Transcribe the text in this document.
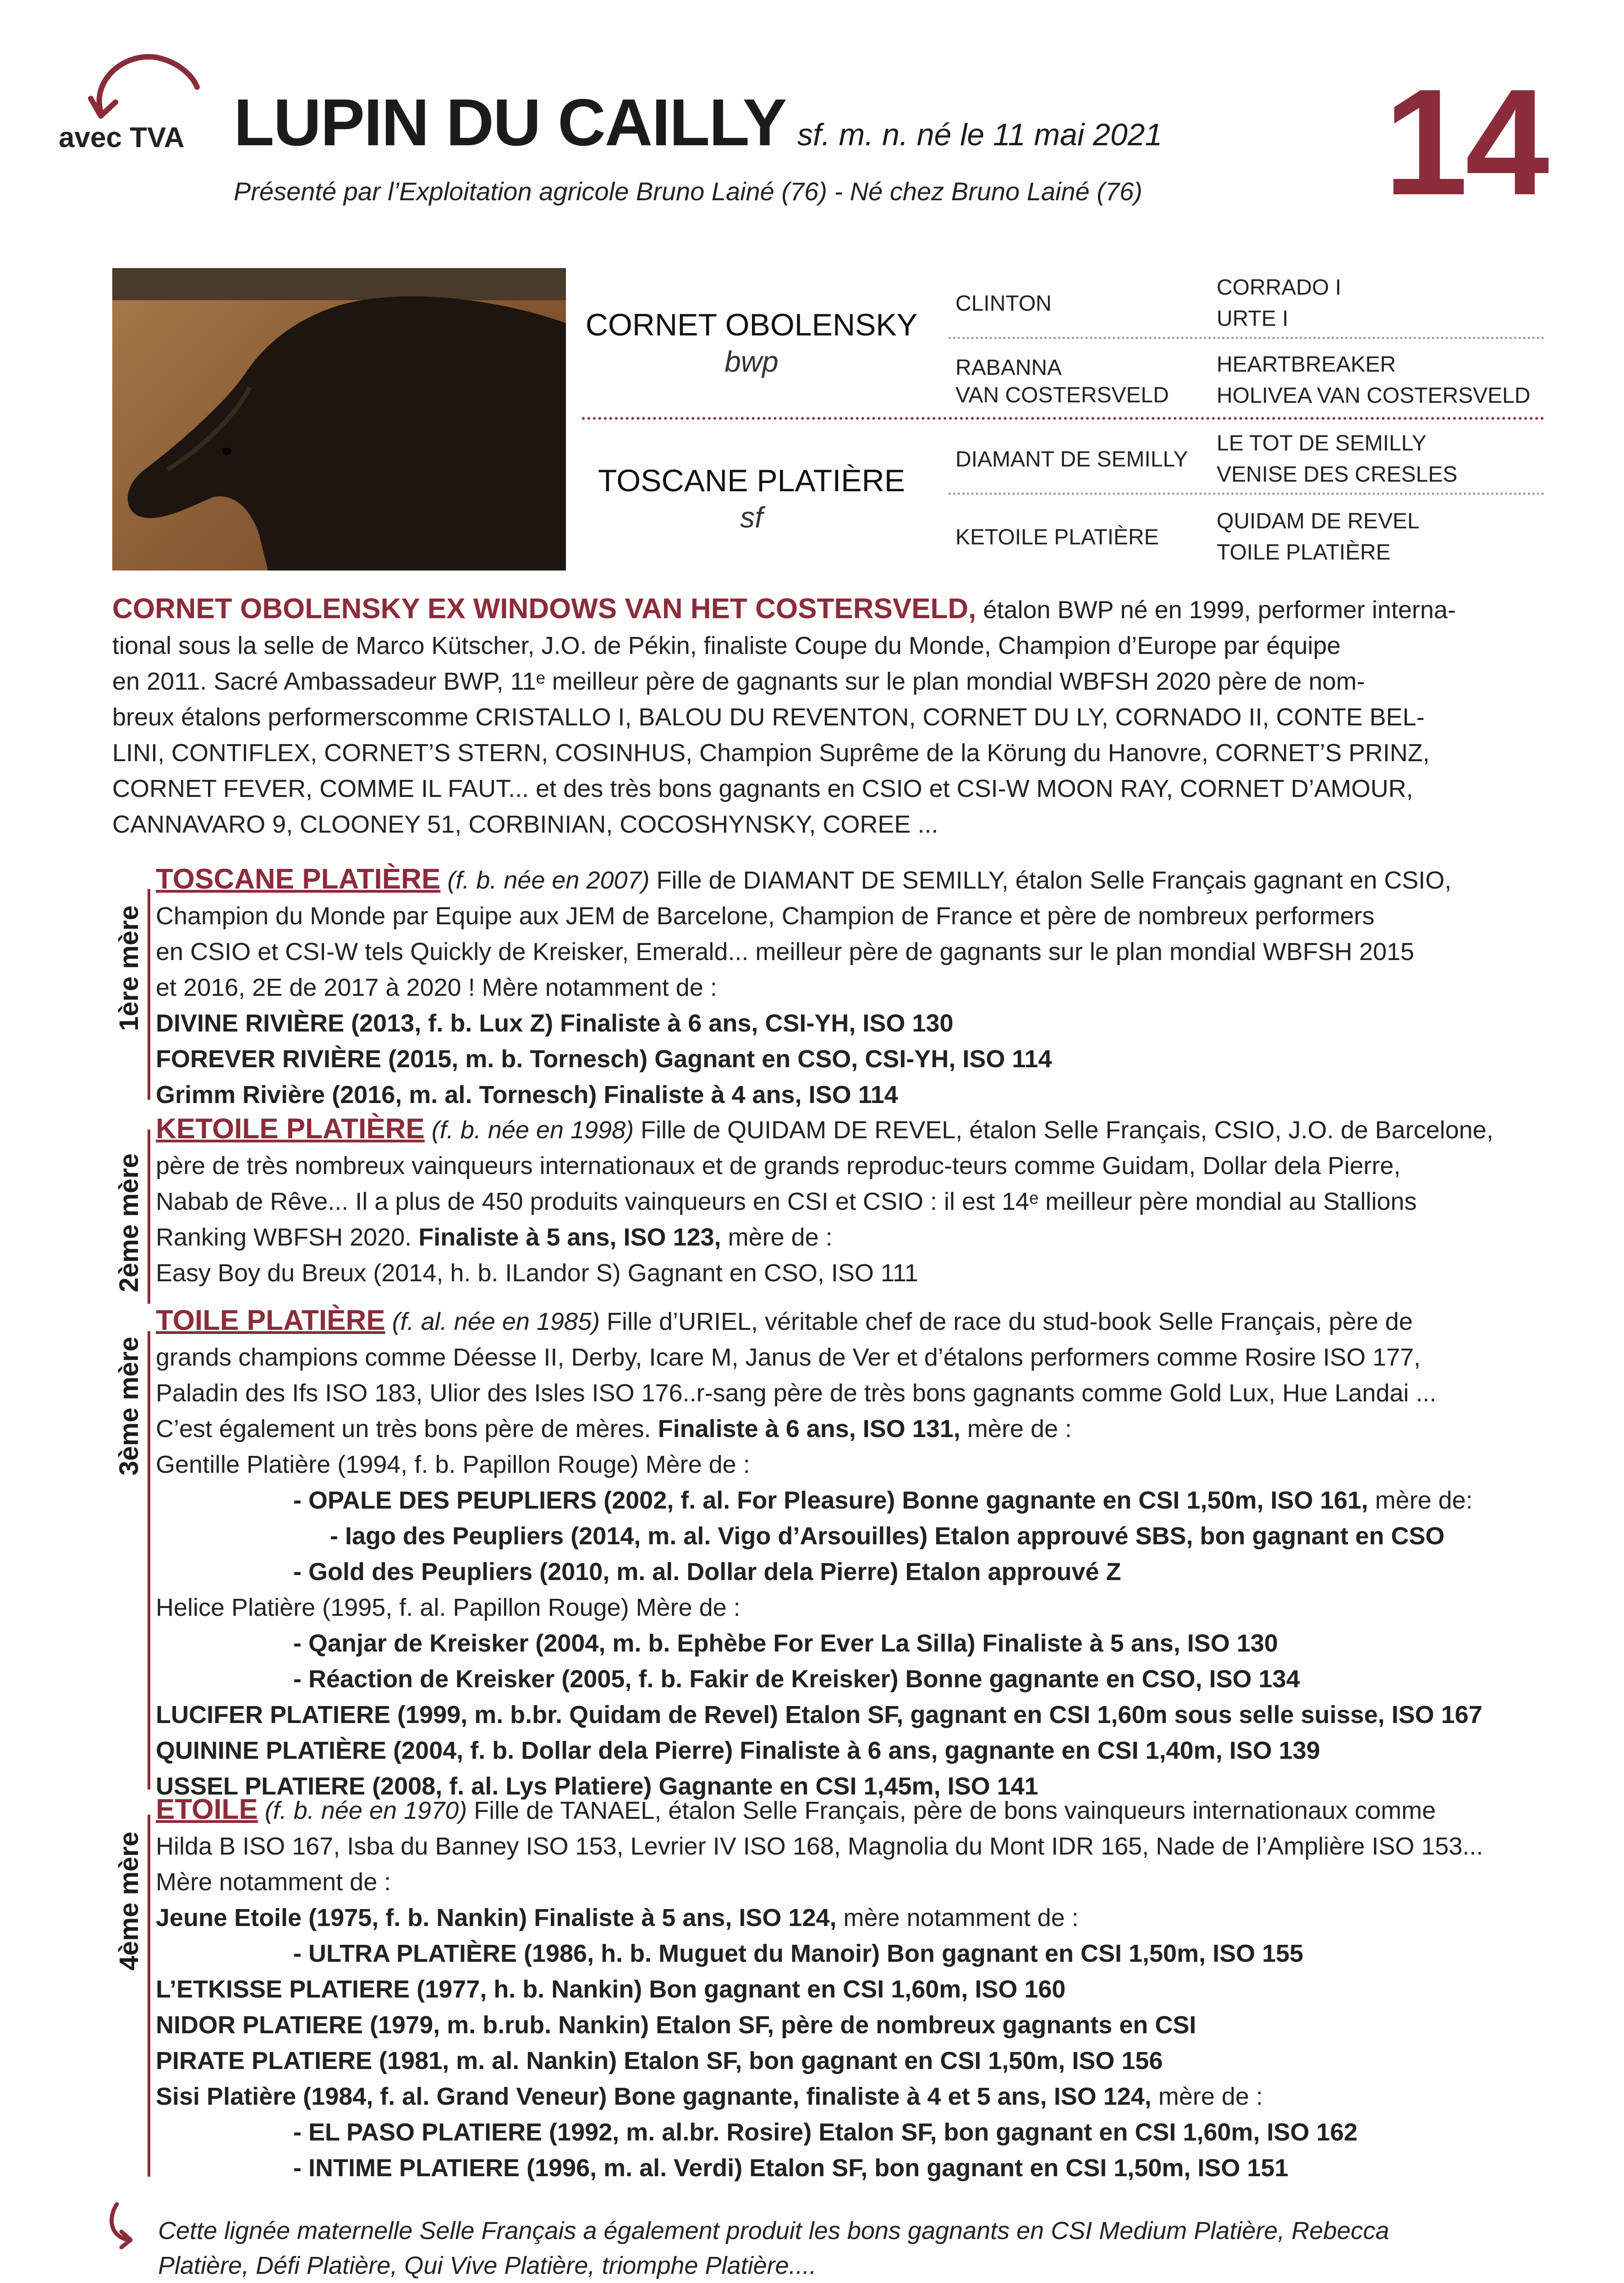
avec TVA LUPIN DU CAILLY sf. m. n. né le 11 mai 2021
Présenté par l’Exploitation agricole Bruno Lainé (76) - Né chez Bruno Lainé (76) 14
CORNET OBOLENSKY
bwp
TOSCANE PLATIÈRE
sf
CLINTON
RABANNA
VAN COSTERSVELD
DIAMANT DE SEMILLY
KETOILE PLATIÈRE
CORRADO I
URTE I
HEARTBREAKER
HOLIVEA VAN COSTERSVELD
LE TOT DE SEMILLY
VENISE DES CRESLES
QUIDAM DE REVEL
TOILE PLATIÈRE
CORNET OBOLENSKY EX WINDOWS VAN HET COSTERSVELD, étalon BWP né en 1999, performer interna-
tional sous la selle de Marco Kütscher, J.O. de Pékin, finaliste Coupe du Monde, Champion d’Europe par équipe
en 2011. Sacré Ambassadeur BWP, 11ᵉ meilleur père de gagnants sur le plan mondial WBFSH 2020 père de nom-
breux étalons performerscomme CRISTALLO I, BALOU DU REVENTON, CORNET DU LY, CORNADO II, CONTE BEL-
LINI, CONTIFLEX, CORNET’S STERN, COSINHUS, Champion Suprême de la Körung du Hanovre, CORNET’S PRINZ,
CORNET FEVER, COMME IL FAUT... et des très bons gagnants en CSIO et CSI-W MOON RAY, CORNET D’AMOUR,
CANNAVARO 9, CLOONEY 51, CORBINIAN, COCOSHYNSKY, COREE ...
1ère mère
TOSCANE PLATIÈRE (f. b. née en 2007) Fille de DIAMANT DE SEMILLY, étalon Selle Français gagnant en CSIO,
Champion du Monde par Equipe aux JEM de Barcelone, Champion de France et père de nombreux performers
en CSIO et CSI-W tels Quickly de Kreisker, Emerald... meilleur père de gagnants sur le plan mondial WBFSH 2015
et 2016, 2E de 2017 à 2020 ! Mère notamment de :
DIVINE RIVIÈRE (2013, f. b. Lux Z) Finaliste à 6 ans, CSI-YH, ISO 130
FOREVER RIVIÈRE (2015, m. b. Tornesch) Gagnant en CSO, CSI-YH, ISO 114
Grimm Rivière (2016, m. al. Tornesch) Finaliste à 4 ans, ISO 114
2ème mère
KETOILE PLATIÈRE (f. b. née en 1998) Fille de QUIDAM DE REVEL, étalon Selle Français, CSIO, J.O. de Barcelone,
père de très nombreux vainqueurs internationaux et de grands reproduc-teurs comme Guidam, Dollar dela Pierre,
Nabab de Rêve... Il a plus de 450 produits vainqueurs en CSI et CSIO : il est 14ᵉ meilleur père mondial au Stallions
Ranking WBFSH 2020. Finaliste à 5 ans, ISO 123, mère de :
Easy Boy du Breux (2014, h. b. ILandor S) Gagnant en CSO, ISO 111
3ème mère
TOILE PLATIÈRE (f. al. née en 1985) Fille d’URIEL, véritable chef de race du stud-book Selle Français, père de
grands champions comme Déesse II, Derby, Icare M, Janus de Ver et d’étalons performers comme Rosire ISO 177,
Paladin des Ifs ISO 183, Ulior des Isles ISO 176..r-sang père de très bons gagnants comme Gold Lux, Hue Landai ...
C’est également un très bons père de mères. Finaliste à 6 ans, ISO 131, mère de :
Gentille Platière (1994, f. b. Papillon Rouge) Mère de :
- OPALE DES PEUPLIERS (2002, f. al. For Pleasure) Bonne gagnante en CSI 1,50m, ISO 161, mère de:
- Iago des Peupliers (2014, m. al. Vigo d’Arsouilles) Etalon approuvé SBS, bon gagnant en CSO
- Gold des Peupliers (2010, m. al. Dollar dela Pierre) Etalon approuvé Z
Helice Platière (1995, f. al. Papillon Rouge) Mère de :
- Qanjar de Kreisker (2004, m. b. Ephèbe For Ever La Silla) Finaliste à 5 ans, ISO 130
- Réaction de Kreisker (2005, f. b. Fakir de Kreisker) Bonne gagnante en CSO, ISO 134
LUCIFER PLATIERE (1999, m. b.br. Quidam de Revel) Etalon SF, gagnant en CSI 1,60m sous selle suisse, ISO 167
QUININE PLATIÈRE (2004, f. b. Dollar dela Pierre) Finaliste à 6 ans, gagnante en CSI 1,40m, ISO 139
USSEL PLATIERE (2008, f. al. Lys Platiere) Gagnante en CSI 1,45m, ISO 141
4ème mère
ETOILE (f. b. née en 1970) Fille de TANAEL, étalon Selle Français, père de bons vainqueurs internationaux comme
Hilda B ISO 167, Isba du Banney ISO 153, Levrier IV ISO 168, Magnolia du Mont IDR 165, Nade de l’Amplière ISO 153...
Mère notamment de :
Jeune Etoile (1975, f. b. Nankin) Finaliste à 5 ans, ISO 124, mère notamment de :
- ULTRA PLATIÈRE (1986, h. b. Muguet du Manoir) Bon gagnant en CSI 1,50m, ISO 155
L’ETKISSE PLATIERE (1977, h. b. Nankin) Bon gagnant en CSI 1,60m, ISO 160
NIDOR PLATIERE (1979, m. b.rub. Nankin) Etalon SF, père de nombreux gagnants en CSI
PIRATE PLATIERE (1981, m. al. Nankin) Etalon SF, bon gagnant en CSI 1,50m, ISO 156
Sisi Platière (1984, f. al. Grand Veneur) Bone gagnante, finaliste à 4 et 5 ans, ISO 124, mère de :
- EL PASO PLATIERE (1992, m. al.br. Rosire) Etalon SF, bon gagnant en CSI 1,60m, ISO 162
- INTIME PLATIERE (1996, m. al. Verdi) Etalon SF, bon gagnant en CSI 1,50m, ISO 151
Cette lignée maternelle Selle Français a également produit les bons gagnants en CSI Medium Platière, Rebecca
Platière, Défi Platière, Qui Vive Platière, triomphe Platière....
